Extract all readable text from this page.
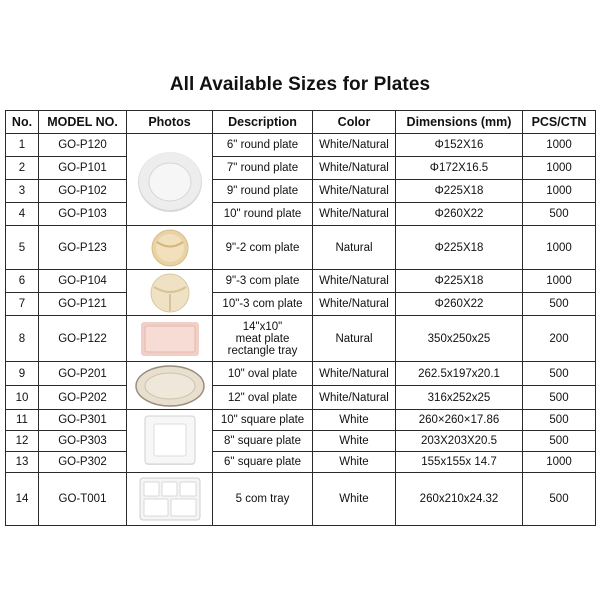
All Available Sizes for Plates
No.	MODEL NO.	Photos	Description	Color	Dimensions (mm)	PCS/CTN
1	GO-P120		6" round plate	White/Natural	Φ152X16	1000
2	GO-P101		7" round plate	White/Natural	Φ172X16.5	1000
3	GO-P102		9" round plate	White/Natural	Φ225X18	1000
4	GO-P103		10" round plate	White/Natural	Φ260X22	500
5	GO-P123		9"-2 com plate	Natural	Φ225X18	1000
6	GO-P104		9"-3 com plate	White/Natural	Φ225X18	1000
7	GO-P121		10"-3 com plate	White/Natural	Φ260X22	500
8	GO-P122		14"x10"
meat plate
rectangle tray	Natural	350x250x25	200
9	GO-P201		10" oval plate	White/Natural	262.5x197x20.1	500
10	GO-P202		12" oval plate	White/Natural	316x252x25	500
11	GO-P301		10" square plate	White	260×260×17.86	500
12	GO-P303		8" square plate	White	203X203X20.5	500
13	GO-P302		6" square plate	White	155x155x 14.7	1000
14	GO-T001		5 com tray	White	260x210x24.32	500
